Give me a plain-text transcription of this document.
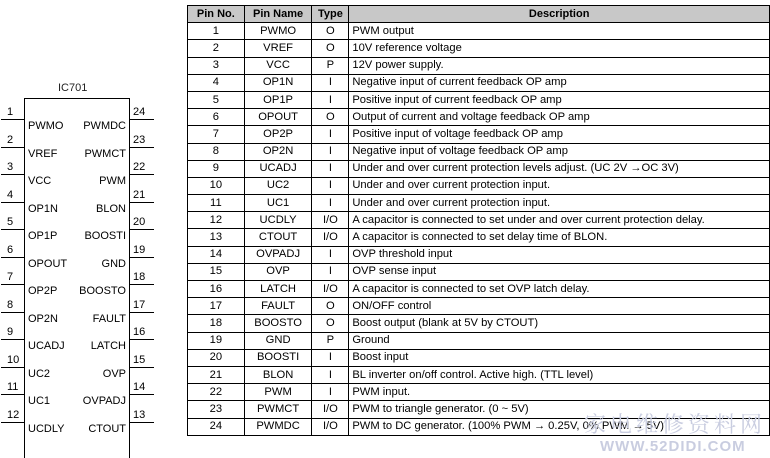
IC701
1
PWMO
2
VREF
3
VCC
4
OP1N
5
OP1P
6
OPOUT
7
OP2P
8
OP2N
9
UCADJ
10
UC2
11
UC1
12
UCDLY
24
PWMDC
23
PWMCT
22
PWM
21
BLON
20
BOOSTI
19
GND
18
BOOSTO
17
FAULT
16
LATCH
15
OVP
14
OVPADJ
13
CTOUT
Pin No.	Pin Name	Type	Description
1	PWMO	O	PWM output
2	VREF	O	10V reference voltage
3	VCC	P	12V power supply.
4	OP1N	I	Negative input of current feedback OP amp
5	OP1P	I	Positive input of current feedback OP amp
6	OPOUT	O	Output of current and voltage feedback OP amp
7	OP2P	I	Positive input of voltage feedback OP amp
8	OP2N	I	Negative input of voltage feedback OP amp
9	UCADJ	I	Under and over current protection levels adjust. (UC 2V →OC 3V)
10	UC2	I	Under and over current protection input.
11	UC1	I	Under and over current protection input.
12	UCDLY	I/O	A capacitor is connected to set under and over current protection delay.
13	CTOUT	I/O	A capacitor is connected to set delay time of BLON.
14	OVPADJ	I	OVP threshold input
15	OVP	I	OVP sense input
16	LATCH	I/O	A capacitor is connected to set OVP latch delay.
17	FAULT	O	ON/OFF control
18	BOOSTO	O	Boost output (blank at 5V by CTOUT)
19	GND	P	Ground
20	BOOSTI	I	Boost input
21	BLON	I	BL inverter on/off control. Active high. (TTL level)
22	PWM	I	PWM input.
23	PWMCT	I/O	PWM to triangle generator. (0 ~ 5V)
24	PWMDC	I/O	PWM to DC generator. (100% PWM → 0.25V, 0% PWM → 5V)
家电维修资料网
WWW.52DIDI.COM
